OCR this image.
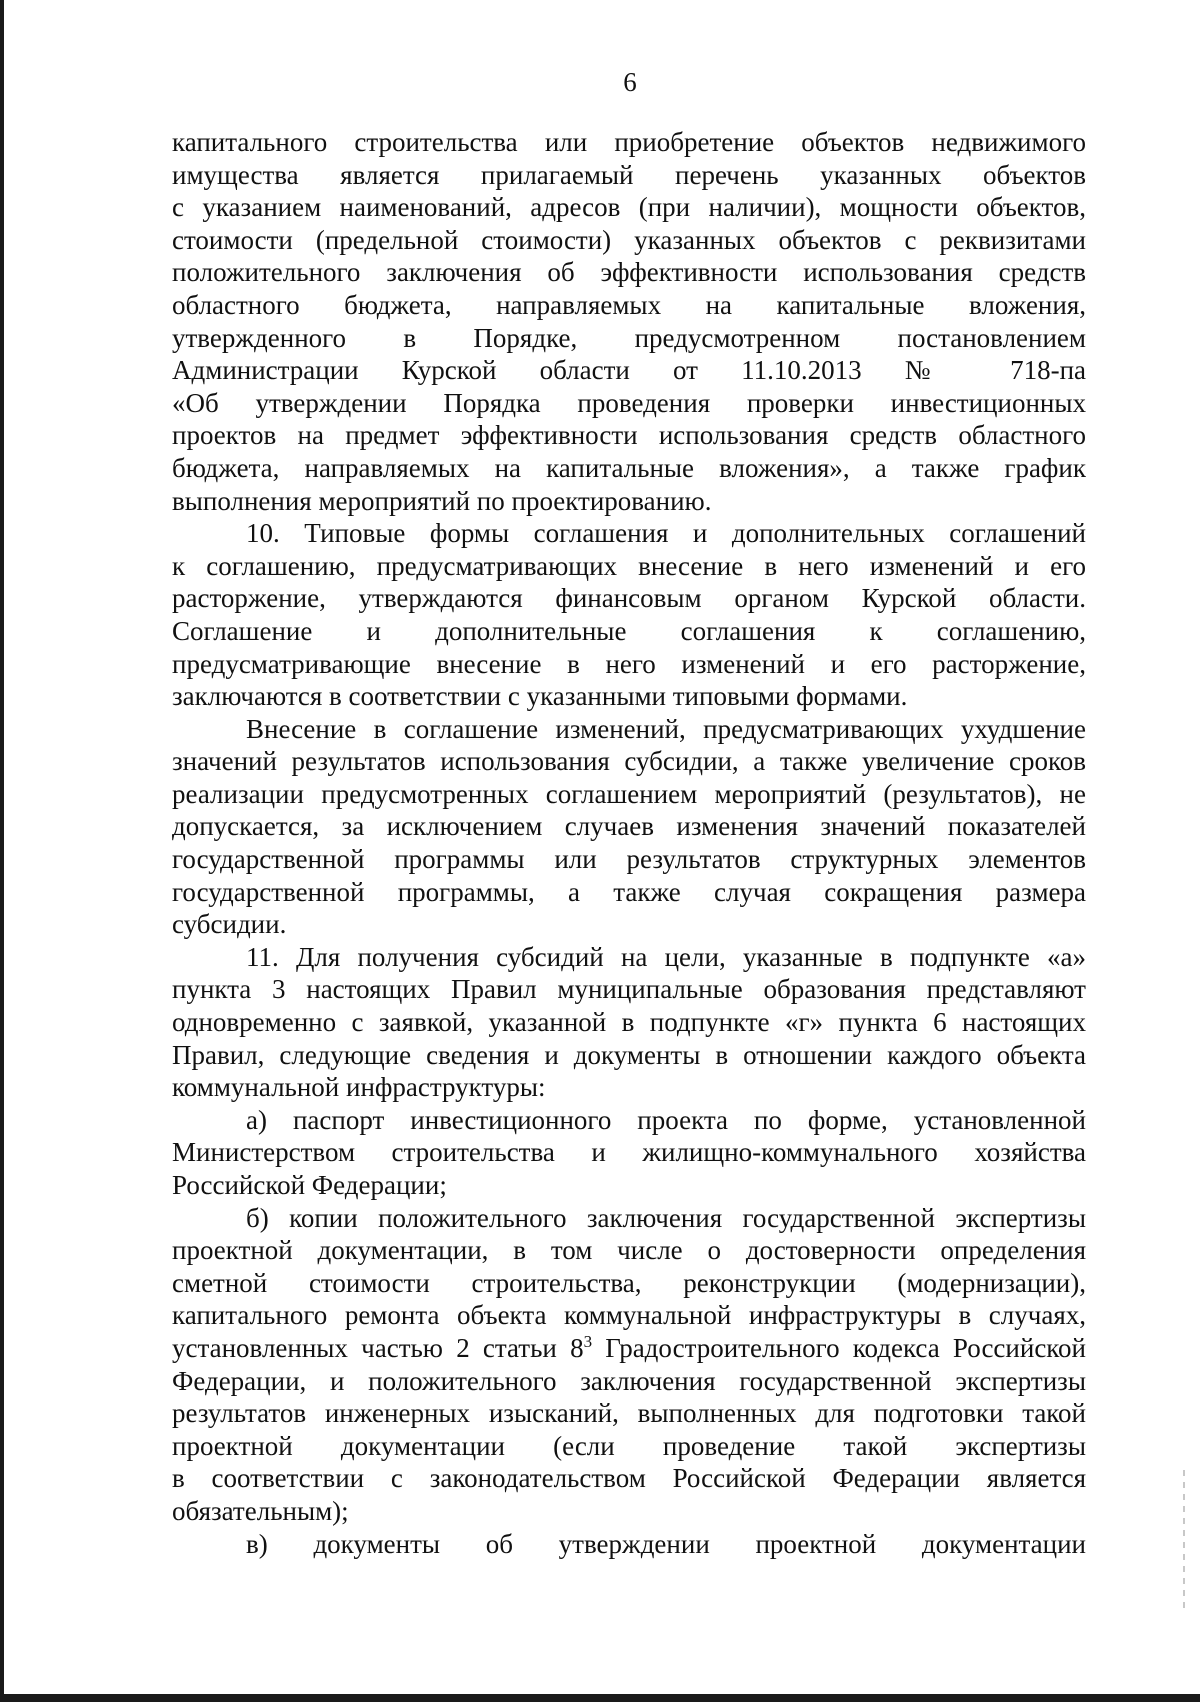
6
капитального строительства или приобретение объектов недвижимого
имущества является прилагаемый перечень указанных объектов
с указанием наименований, адресов (при наличии), мощности объектов,
стоимости (предельной стоимости) указанных объектов с реквизитами
положительного заключения об эффективности использования средств
областного бюджета, направляемых на капитальные вложения,
утвержденного в Порядке, предусмотренном постановлением
Администрации Курской области от 11.10.2013 № 718-па
«Об утверждении Порядка проведения проверки инвестиционных
проектов на предмет эффективности использования средств областного
бюджета, направляемых на капитальные вложения», а также график
выполнения мероприятий по проектированию.
10. Типовые формы соглашения и дополнительных соглашений
к соглашению, предусматривающих внесение в него изменений и его
расторжение, утверждаются финансовым органом Курской области.
Соглашение и дополнительные соглашения к соглашению,
предусматривающие внесение в него изменений и его расторжение,
заключаются в соответствии с указанными типовыми формами.
Внесение в соглашение изменений, предусматривающих ухудшение
значений результатов использования субсидии, а также увеличение сроков
реализации предусмотренных соглашением мероприятий (результатов), не
допускается, за исключением случаев изменения значений показателей
государственной программы или результатов структурных элементов
государственной программы, а также случая сокращения размера
субсидии.
11. Для получения субсидий на цели, указанные в подпункте «а»
пункта 3 настоящих Правил муниципальные образования представляют
одновременно с заявкой, указанной в подпункте «г» пункта 6 настоящих
Правил, следующие сведения и документы в отношении каждого объекта
коммунальной инфраструктуры:
а) паспорт инвестиционного проекта по форме, установленной
Министерством строительства и жилищно-коммунального хозяйства
Российской Федерации;
б) копии положительного заключения государственной экспертизы
проектной документации, в том числе о достоверности определения
сметной стоимости строительства, реконструкции (модернизации),
капитального ремонта объекта коммунальной инфраструктуры в случаях,
установленных частью 2 статьи $8^3$ Градостроительного кодекса Российской
Федерации, и положительного заключения государственной экспертизы
результатов инженерных изысканий, выполненных для подготовки такой
проектной документации (если проведение такой экспертизы
в соответствии с законодательством Российской Федерации является
обязательным);
в) документы об утверждении проектной документации
